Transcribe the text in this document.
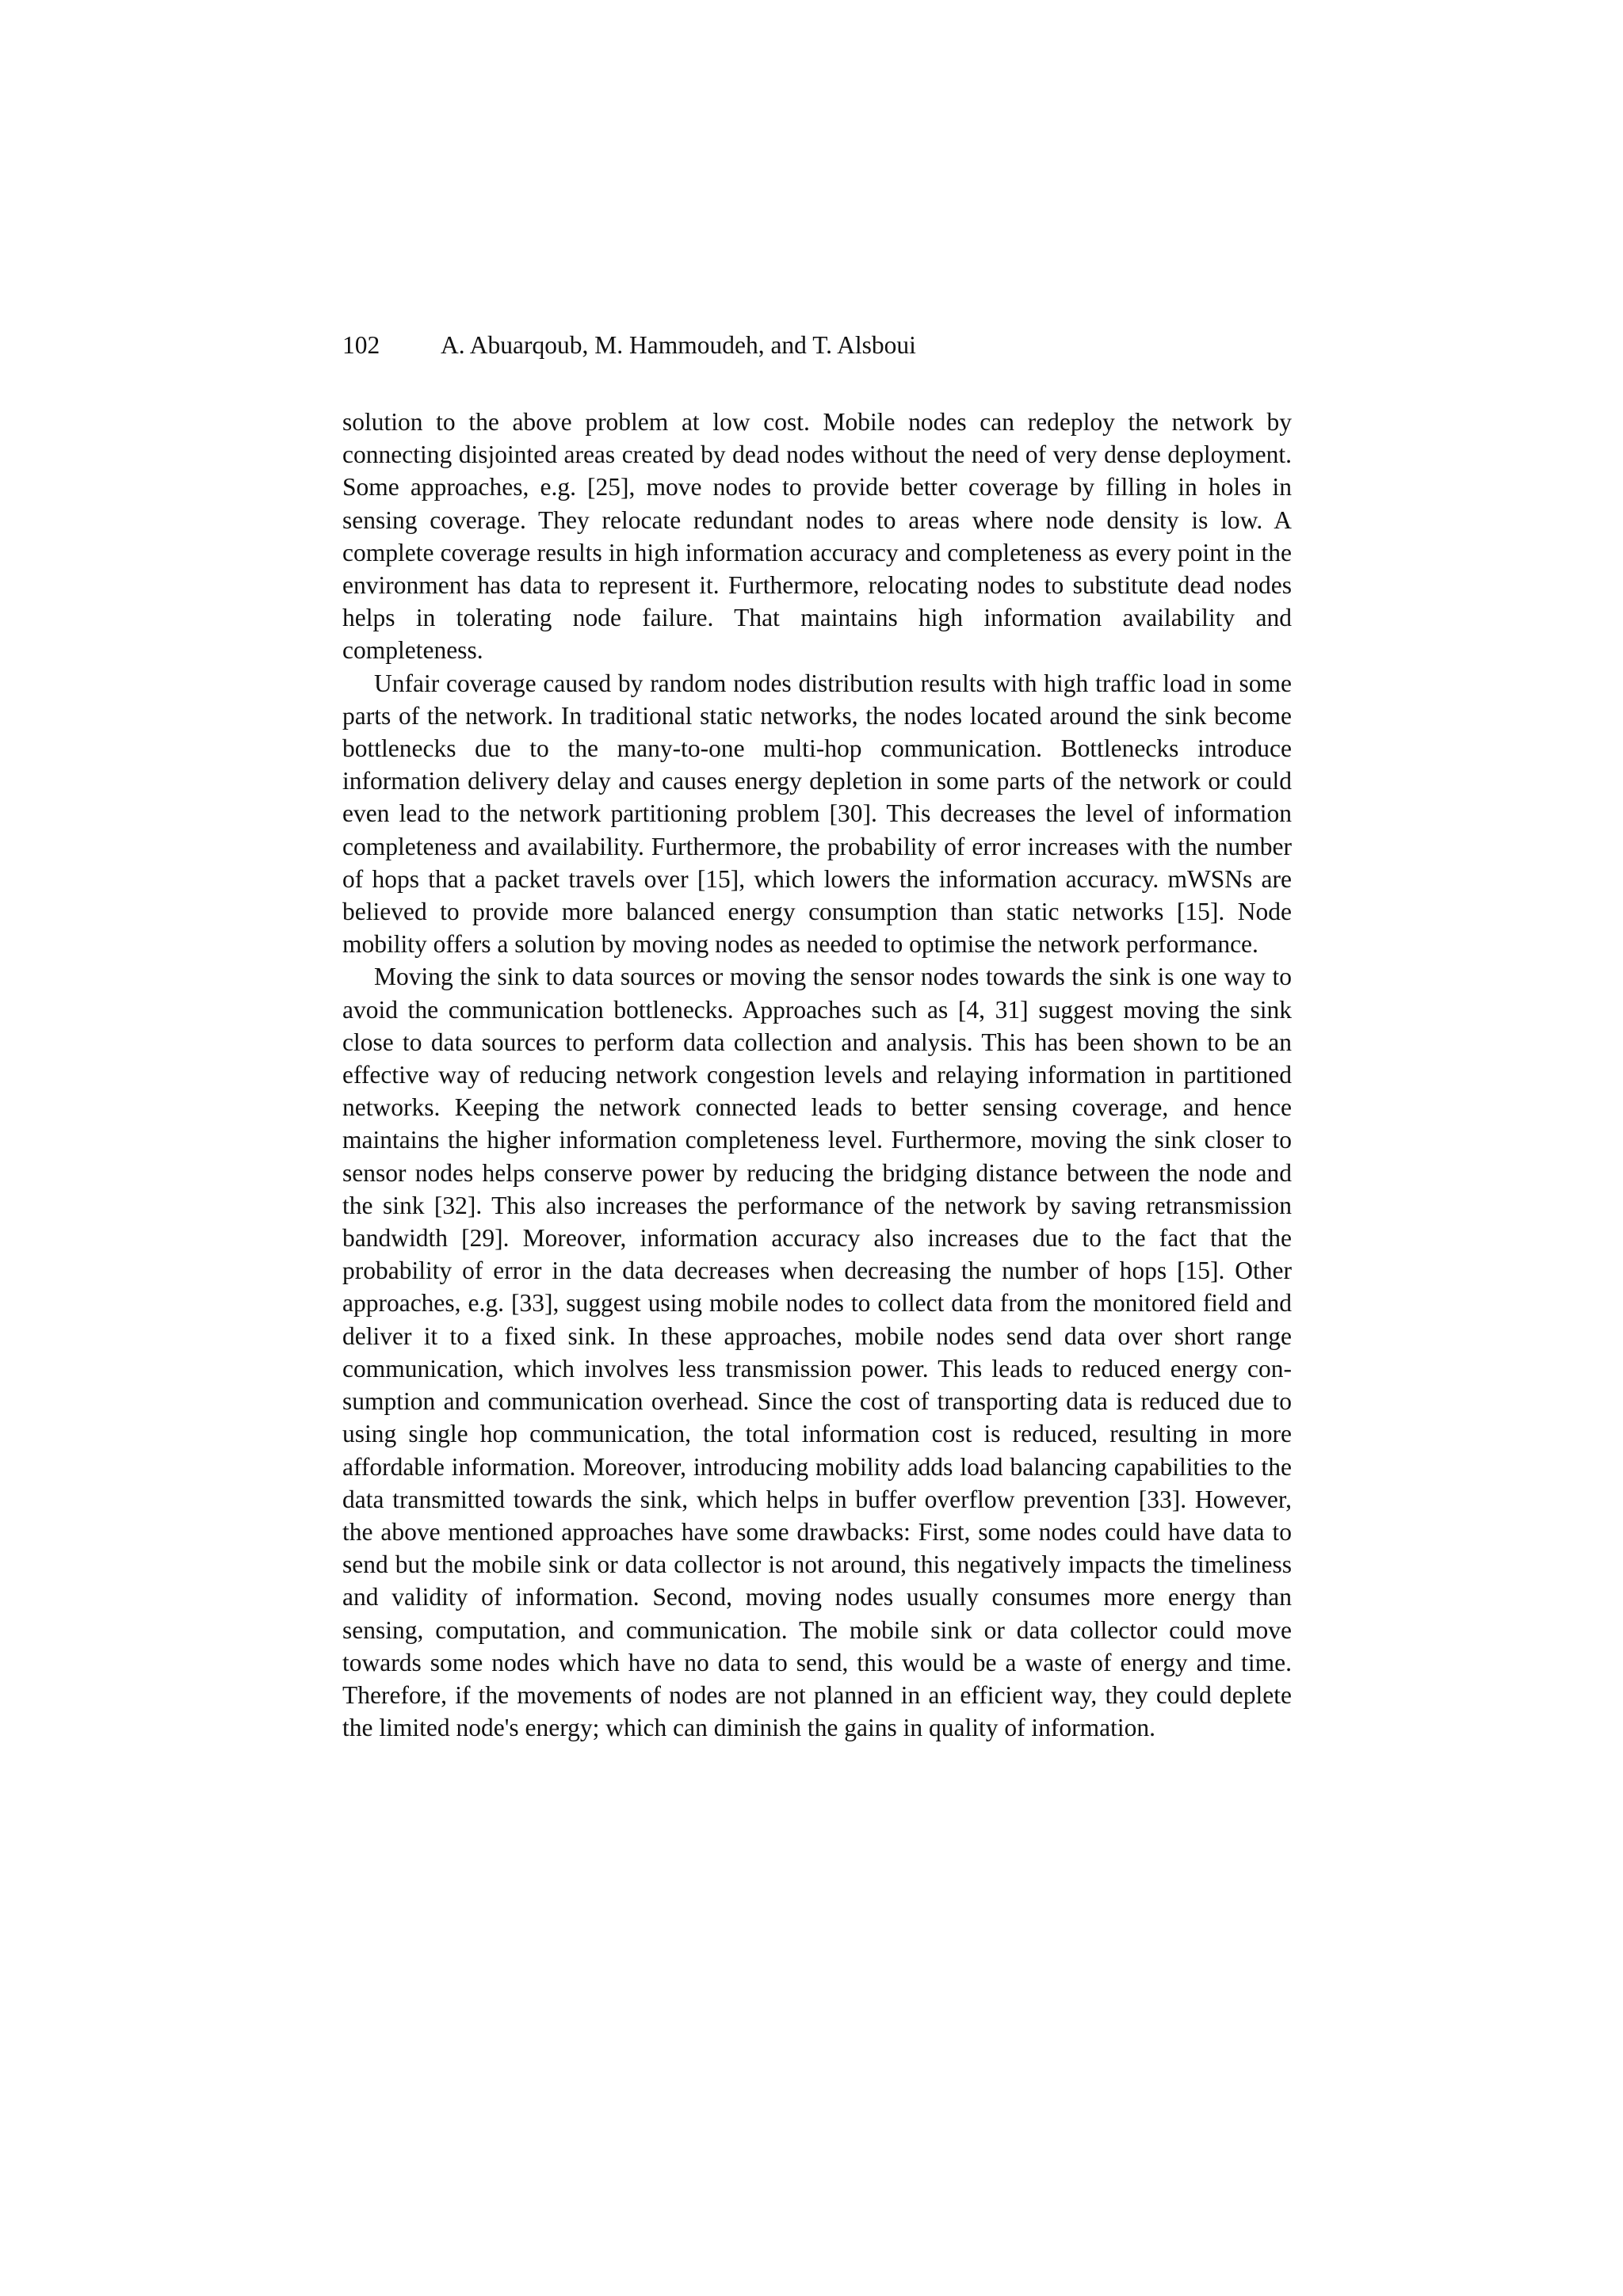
102 A. Abuarqoub, M. Hammoudeh, and T. Alsboui

solution to the above problem at low cost. Mobile nodes can redeploy the network by connecting disjointed areas created by dead nodes without the need of very dense deployment. Some approaches, e.g. [25], move nodes to provide better coverage by filling in holes in sensing coverage. They relocate redundant nodes to areas where node density is low. A complete coverage results in high information accuracy and completeness as every point in the environment has data to represent it. Furthermore, relocating nodes to substitute dead nodes helps in tolerating node failure. That maintains high information availability and completeness.

Unfair coverage caused by random nodes distribution results with high traffic load in some parts of the network. In traditional static networks, the nodes located around the sink become bottlenecks due to the many-to-one multi-hop communication. Bottlenecks introduce information delivery delay and causes energy depletion in some parts of the network or could even lead to the network partitioning problem [30]. This decreases the level of information completeness and availability. Furthermore, the probability of error increases with the number of hops that a packet travels over [15], which lowers the information accuracy. mWSNs are believed to provide more balanced energy consumption than static networks [15]. Node mobility offers a solution by moving nodes as needed to optimise the network performance.

Moving the sink to data sources or moving the sensor nodes towards the sink is one way to avoid the communication bottlenecks. Approaches such as [4, 31] suggest moving the sink close to data sources to perform data collection and analysis. This has been shown to be an effective way of reducing network congestion levels and relaying information in partitioned networks. Keeping the network connected leads to better sensing coverage, and hence maintains the higher information completeness level. Furthermore, moving the sink closer to sensor nodes helps conserve power by reducing the bridging distance between the node and the sink [32]. This also increases the performance of the network by saving retransmission bandwidth [29]. Moreover, information accuracy also increases due to the fact that the probability of error in the data decreases when decreasing the number of hops [15]. Other approaches, e.g. [33], suggest using mobile nodes to collect data from the monitored field and deliver it to a fixed sink. In these approaches, mobile nodes send data over short range communication, which involves less transmission power. This leads to reduced energy consumption and communication overhead. Since the cost of transporting data is reduced due to using single hop communication, the total information cost is reduced, resulting in more affordable information. Moreover, introducing mobility adds load balancing capabilities to the data transmitted towards the sink, which helps in buffer overflow prevention [33]. However, the above mentioned approaches have some drawbacks: First, some nodes could have data to send but the mobile sink or data collector is not around, this negatively impacts the timeliness and validity of information. Second, moving nodes usually consumes more energy than sensing, computation, and communication. The mobile sink or data collector could move towards some nodes which have no data to send, this would be a waste of energy and time. Therefore, if the movements of nodes are not planned in an efficient way, they could deplete the limited node's energy; which can diminish the gains in quality of information.
